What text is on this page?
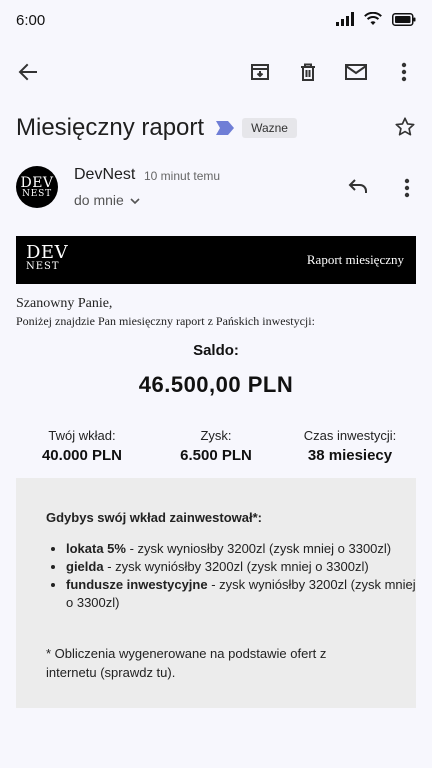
6:00
Miesięczny raport	Wazne
DEV
NEST
DevNest 10 minut temu
do mnie
DEV
NEST	Raport miesięczny
Szanowny Panie,
Poniżej znajdzie Pan miesięczny raport z Pańskich inwestycji:
Saldo:
46.500,00 PLN
Twój wkład:
40.000 PLN
Zysk:
6.500 PLN
Czas inwestycji:
38 miesiecy
Gdybys swój wkład zainwestował*:
• lokata 5% - zysk wyniosłby 3200zl (zysk mniej o 3300zl)
• gielda - zysk wyniósłby 3200zl (zysk mniej o 3300zl)
• fundusze inwestycyjne - zysk wyniósłby 3200zl (zysk mniej o 3300zl)
* Obliczenia wygenerowane na podstawie ofert z internetu (sprawdz tu).
